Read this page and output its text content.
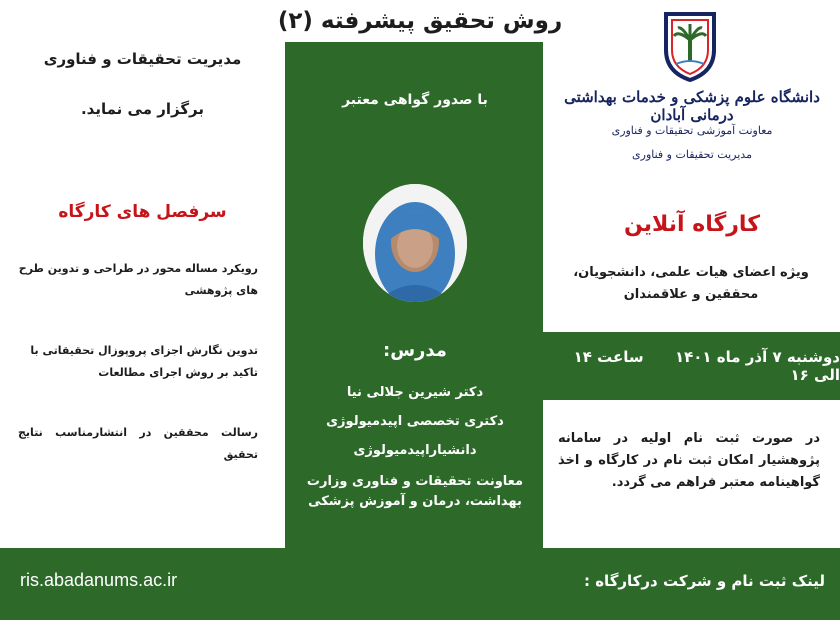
دوشنبه ۷ آذر ماه ۱۴۰۱      ساعت ۱۴ الی ۱۶
روش تحقیق پیشرفته (۲)
مدیریت تحقیقات و فناوری
برگزار می نماید.
سرفصل های کارگاه
رویکرد مساله محور در طراحی و تدوین طرح های پژوهشی
تدوین نگارش اجزای پروپوزال تحقیقاتی با تاکید بر روش اجرای مطالعات
رسالت محققین در انتشارمناسب نتایج تحقیق
با صدور گواهی معتبر
مدرس:
دکتر شیرین جلالی نیا
دکتری تخصصی اپیدمیولوژی
دانشیاراپیدمیولوژی
معاونت تحقیقات و فناوری وزارت بهداشت، درمان و آموزش پزشکی
دانشگاه علوم پزشکی و خدمات بهداشتی درمانی آبادان
معاونت آموزشی تحقیقات و فناوری
مدیریت تحقیقات و فناوری
کارگاه آنلاین
ویژه اعضای هیات علمی، دانشجویان، محققین و علاقمندان
در صورت ثبت نام اولیه در سامانه پژوهشیار امکان ثبت نام در کارگاه و اخذ گواهینامه معتبر فراهم می گردد.
لینک ثبت نام و شرکت درکارگاه :
ris.abadanums.ac.ir
